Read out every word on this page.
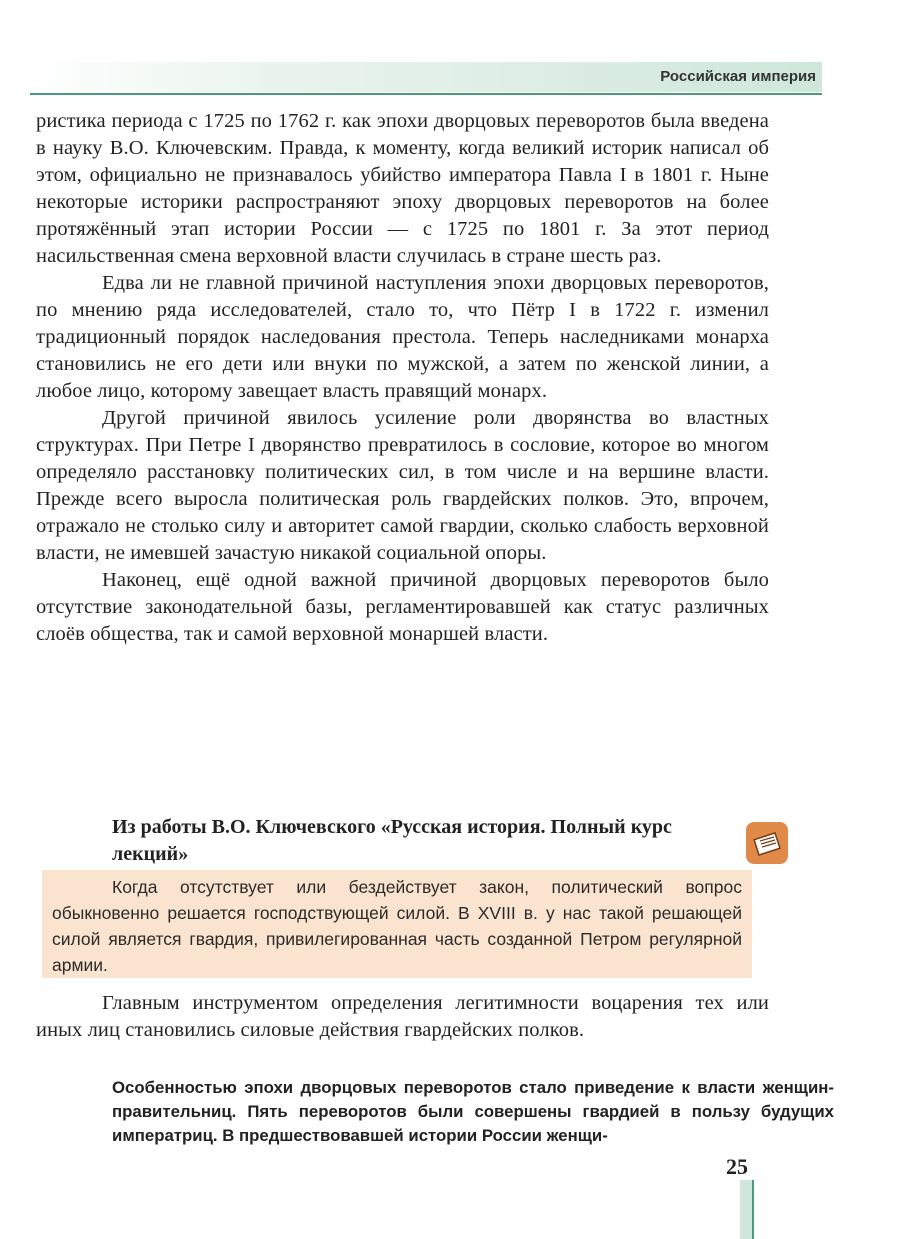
Российская империя

ристика периода с 1725 по 1762 г. как эпохи дворцовых переворотов была введена в науку В.О. Ключевским. Правда, к моменту, когда великий историк написал об этом, официально не признавалось убийство императора Павла I в 1801 г. Ныне некоторые историки распространяют эпоху дворцовых переворотов на более протяжённый этап истории России — с 1725 по 1801 г. За этот период насильственная смена верховной власти случилась в стране шесть раз.

Едва ли не главной причиной наступления эпохи дворцовых переворотов, по мнению ряда исследователей, стало то, что Пётр I в 1722 г. изменил традиционный порядок наследования престола. Теперь наследниками монарха становились не его дети или внуки по мужской, а затем по женской линии, а любое лицо, которому завещает власть правящий монарх.

Другой причиной явилось усиление роли дворянства во властных структурах. При Петре I дворянство превратилось в сословие, которое во многом определяло расстановку политических сил, в том числе и на вершине власти. Прежде всего выросла политическая роль гвардейских полков. Это, впрочем, отражало не столько силу и авторитет самой гвардии, сколько слабость верховной власти, не имевшей зачастую никакой социальной опоры.

Наконец, ещё одной важной причиной дворцовых переворотов было отсутствие законодательной базы, регламентировавшей как статус различных слоёв общества, так и самой верховной монаршей власти.

Из работы В.О. Ключевского «Русская история. Полный курс лекций»

Когда отсутствует или бездействует закон, политический вопрос обыкновенно решается господствующей силой. В XVIII в. у нас такой решающей силой является гвардия, привилегированная часть созданной Петром регулярной армии.

Главным инструментом определения легитимности воцарения тех или иных лиц становились силовые действия гвардейских полков.

Особенностью эпохи дворцовых переворотов стало приведение к власти женщин-правительниц. Пять переворотов были совершены гвардией в пользу будущих императриц. В предшествовавшей истории России женщи-

25
